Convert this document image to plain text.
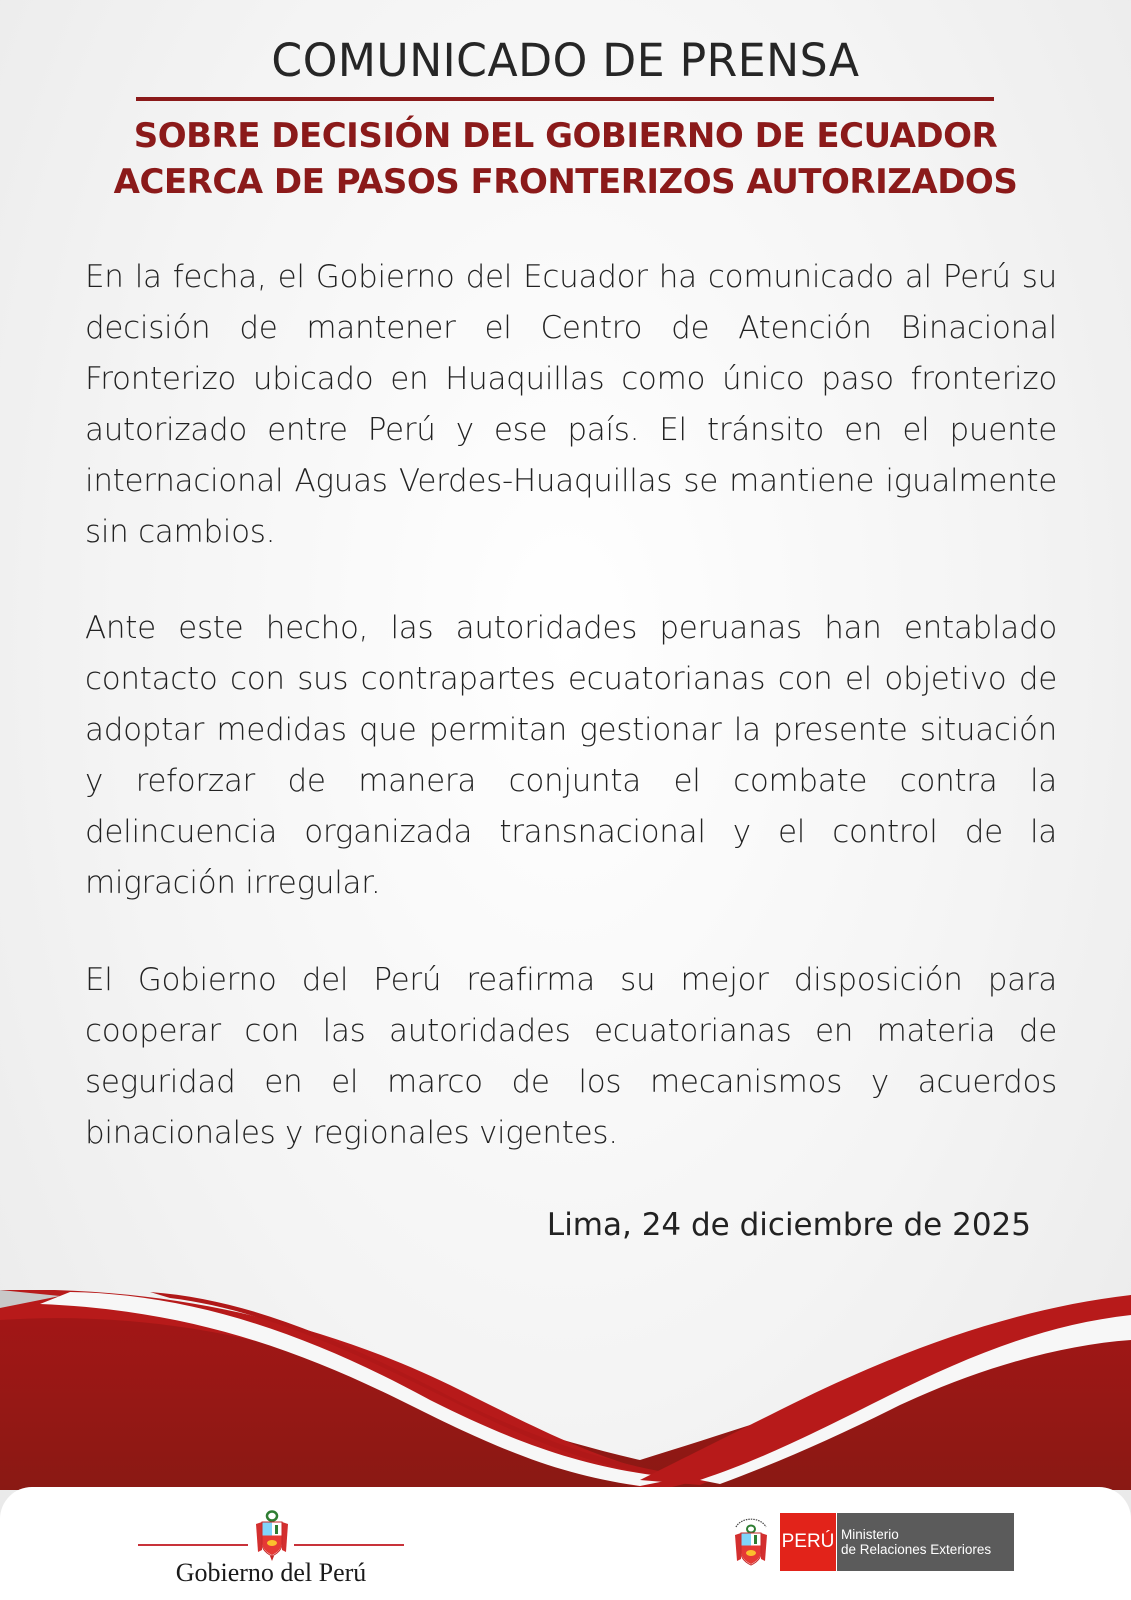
COMUNICADO DE PRENSA
SOBRE DECISIÓN DEL GOBIERNO DE ECUADOR
ACERCA DE PASOS FRONTERIZOS AUTORIZADOS

En la fecha, el Gobierno del Ecuador ha comunicado al Perú su decisión de mantener el Centro de Atención Binacional Fronterizo ubicado en Huaquillas como único paso fronterizo autorizado entre Perú y ese país. El tránsito en el puente internacional Aguas Verdes-Huaquillas se mantiene igualmente sin cambios.

Ante este hecho, las autoridades peruanas han entablado contacto con sus contrapartes ecuatorianas con el objetivo de adoptar medidas que permitan gestionar la presente situación y reforzar de manera conjunta el combate contra la delincuencia organizada transnacional y el control de la migración irregular.

El Gobierno del Perú reafirma su mejor disposición para cooperar con las autoridades ecuatorianas en materia de seguridad en el marco de los mecanismos y acuerdos binacionales y regionales vigentes.

Lima, 24 de diciembre de 2025

Gobierno del Perú
PERÚ Ministerio
de Relaciones Exteriores
